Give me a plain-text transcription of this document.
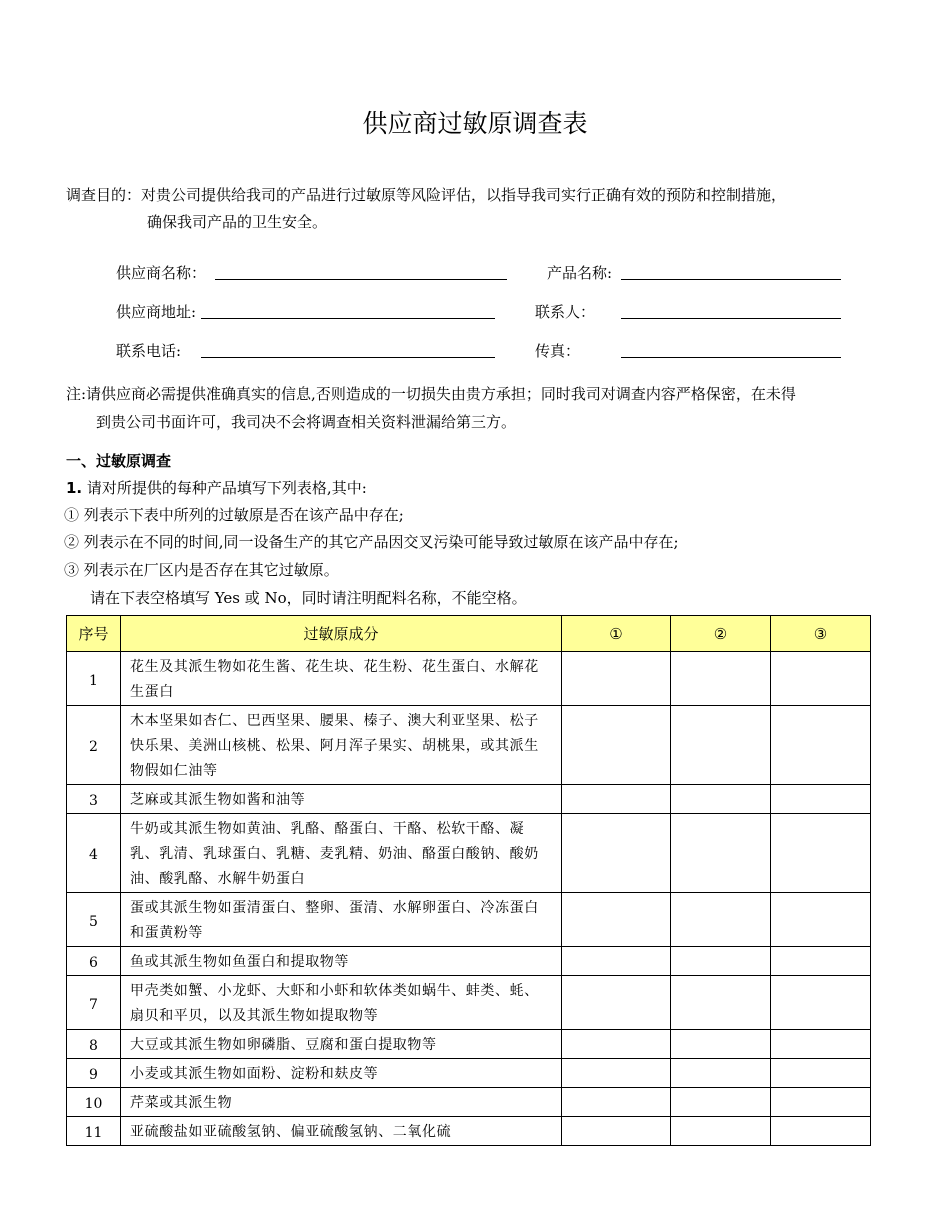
供应商过敏原调查表
调查目的：对贵公司提供给我司的产品进行过敏原等风险评估，以指导我司实行正确有效的预防和控制措施，
确保我司产品的卫生安全。
供应商名称：	产品名称:
供应商地址:	联系人：
联系电话:	传真：
注:请供应商必需提供准确真实的信息,否则造成的一切损失由贵方承担；同时我司对调查内容严格保密，在未得
到贵公司书面许可，我司决不会将调查相关资料泄漏给第三方。
一、过敏原调查
1. 请对所提供的每种产品填写下列表格,其中:
① 列表示下表中所列的过敏原是否在该产品中存在;
② 列表示在不同的时间,同一设备生产的其它产品因交叉污染可能导致过敏原在该产品中存在;
③ 列表示在厂区内是否存在其它过敏原。
请在下表空格填写 Yes 或 No，同时请注明配料名称，不能空格。
序号	过敏原成分	①	②	③
1	花生及其派生物如花生酱、花生块、花生粉、花生蛋白、水解花生蛋白			
2	木本坚果如杏仁、巴西坚果、腰果、榛子、澳大利亚坚果、松子快乐果、美洲山核桃、松果、阿月浑子果实、胡桃果，或其派生物假如仁油等			
3	芝麻或其派生物如酱和油等			
4	牛奶或其派生物如黄油、乳酪、酪蛋白、干酪、松软干酪、凝乳、乳清、乳球蛋白、乳糖、麦乳精、奶油、酪蛋白酸钠、酸奶油、酸乳酪、水解牛奶蛋白			
5	蛋或其派生物如蛋清蛋白、整卵、蛋清、水解卵蛋白、冷冻蛋白和蛋黄粉等			
6	鱼或其派生物如鱼蛋白和提取物等			
7	甲壳类如蟹、小龙虾、大虾和小虾和软体类如蜗牛、蚌类、蚝、扇贝和平贝，以及其派生物如提取物等			
8	大豆或其派生物如卵磷脂、豆腐和蛋白提取物等			
9	小麦或其派生物如面粉、淀粉和麸皮等			
10	芹菜或其派生物			
11	亚硫酸盐如亚硫酸氢钠、偏亚硫酸氢钠、二氧化硫			
